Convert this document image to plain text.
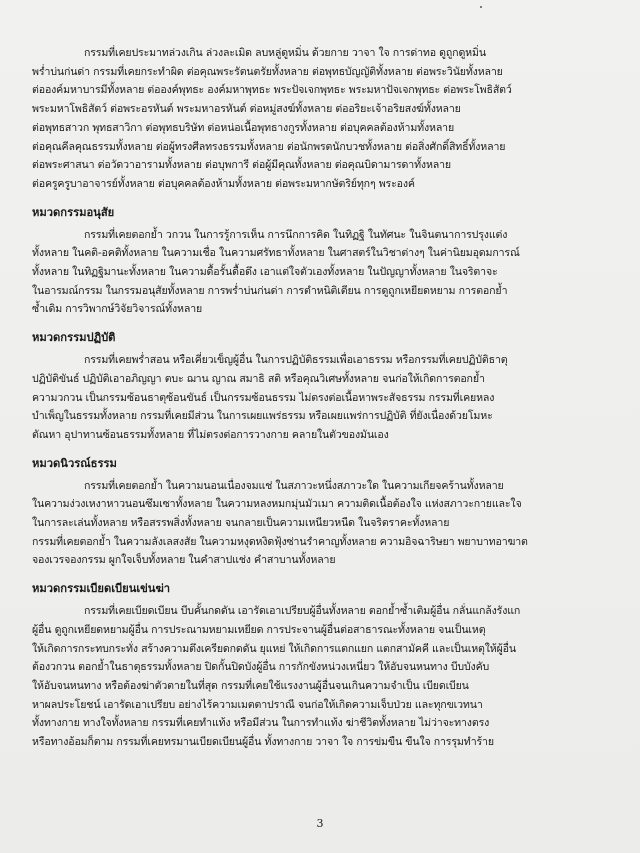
กรรมที่เคยประมาทล่วงเกิน ล่วงละเมิด ลบหลู่ดูหมิ่น ด้วยกาย วาจา ใจ การด่าทอ ดูถูกดูหมิ่น
พร่ำบ่นก่นด่า กรรมที่เคยกระทำผิด ต่อคุณพระรัตนตรัยทั้งหลาย ต่อพุทธบัญญัติทั้งหลาย ต่อพระวินัยทั้งหลาย
ต่อองค์มหาบารมีทั้งหลาย ต่อองค์พุทธะ องค์มหาพุทธะ พระปัจเจกพุทธะ พระมหาปัจเจกพุทธะ ต่อพระโพธิสัตว์
พระมหาโพธิสัตว์ ต่อพระอรหันต์ พระมหาอรหันต์ ต่อหมู่สงฆ์ทั้งหลาย ต่ออริยะเจ้าอริยสงฆ์ทั้งหลาย
ต่อพุทธสาวก พุทธสาวิกา ต่อพุทธบริษัท ต่อหน่อเนื้อพุทธางกูรทั้งหลาย ต่อบุคคลต้องห้ามทั้งหลาย
ต่อคุณคีลคุณธรรมทั้งหลาย ต่อผู้ทรงศีลทรงธรรมทั้งหลาย ต่อนักพรตนักบวชทั้งหลาย ต่อสิ่งศักดิ์สิทธิ์ทั้งหลาย
ต่อพระศาสนา ต่อวัดวาอารามทั้งหลาย ต่อบุพการี ต่อผู้มีคุณทั้งหลาย ต่อคุณบิดามารดาทั้งหลาย
ต่อครูครูบาอาจารย์ทั้งหลาย ต่อบุคคลต้องห้ามทั้งหลาย ต่อพระมหากษัตริย์ทุกๆ พระองค์
หมวดกรรมอนุสัย
กรรมที่เคยตอกย้ำ วกวน ในการรู้การเห็น การนึกการคิด ในทิฏฐิ ในทัศนะ ในจินตนาการปรุงแต่ง
ทั้งหลาย ในคติ-อคติทั้งหลาย ในความเชื่อ ในความศรัทธาทั้งหลาย ในศาสตร์ในวิชาต่างๆ ในค่านิยมอุดมการณ์
ทั้งหลาย ในทิฏฐิมานะทั้งหลาย ในความดื้อรั้นดื้อดึง เอาแต่ใจตัวเองทั้งหลาย ในปัญญาทั้งหลาย ในจริตาจะ
ในอารมณ์กรรม ในกรรมอนุสัยทั้งหลาย การพร่ำบ่นก่นด่า การตำหนิติเตียน การดูถูกเหยียดหยาม การตอกย้ำ
ซ้ำเดิม การวิพากษ์วิจัยวิจารณ์ทั้งหลาย
หมวดกรรมปฏิบัติ
กรรมที่เคยพร่ำสอน หรือเคี่ยวเข็ญผู้อื่น ในการปฏิบัติธรรมเพื่อเอาธรรม หรือกรรมที่เคยปฏิบัติธาตุ
ปฏิบัติขันธ์ ปฏิบัติเอาอภิญญา ตบะ ฌาน ญาณ สมาธิ สติ หรือคุณวิเศษทั้งหลาย จนก่อให้เกิดการตอกย้ำ
ความวกวน เป็นกรรมซ้อนธาตุซ้อนขันธ์ เป็นกรรมซ้อนธรรม ไม่ตรงต่อเนื้อหาพระสัจธรรม กรรมที่เคยหลง
บำเพ็ญในธรรมทั้งหลาย กรรมที่เคยมีส่วน ในการเผยแพร่ธรรม หรือเผยแพร่การปฏิบัติ ที่ยังเนื่องด้วยโมหะ
ตัณหา อุปาทานซ้อนธรรมทั้งหลาย ที่ไม่ตรงต่อการวางกาย คลายในตัวของมันเอง
หมวดนิวรณ์ธรรม
กรรมที่เคยตอกย้ำ ในความนอนเนื่องจมแช่ ในสภาวะหนึ่งสภาวะใด ในความเกียจคร้านทั้งหลาย
ในความง่วงเหงาหาวนอนซึมเซาทั้งหลาย ในความหลงหมกมุ่นมัวเมา ความติดเนื้อต้องใจ แห่งสภาวะกายและใจ
ในการละเล่นทั้งหลาย หรือสรรพสิ่งทั้งหลาย จนกลายเป็นความเหนียวหนืด ในจริตราคะทั้งหลาย
กรรมที่เคยตอกย้ำ ในความลังเลสงสัย ในความหงุดหงิดฟุ้งซ่านรำคาญทั้งหลาย ความอิจฉาริษยา พยาบาทอาฆาต
จองเวรจองกรรม ผูกใจเจ็บทั้งหลาย ในคำสาปแช่ง คำสาบานทั้งหลาย
หมวดกรรมเบียดเบียนเข่นฆ่า
กรรมที่เคยเบียดเบียน บีบคั้นกดดัน เอารัดเอาเปรียบผู้อื่นทั้งหลาย ตอกย้ำซ้ำเติมผู้อื่น กลั่นแกล้งรังแก
ผู้อื่น ดูถูกเหยียดหยามผู้อื่น การประณามหยามเหยียด การประจานผู้อื่นต่อสาธารณะทั้งหลาย จนเป็นเหตุ
ให้เกิดการกระทบกระทั่ง สร้างความตึงเครียดกดดัน ยุแหย่ ให้เกิดการแตกแยก แตกสามัคคี และเป็นเหตุให้ผู้อื่น
ต้องวกวน ตอกย้ำในธาตุธรรมทั้งหลาย ปิดกั้นปิดบังผู้อื่น การกักขังหน่วงเหนี่ยว ให้อับจนหนทาง บีบบังคับ
ให้อับจนหนทาง หรือต้องฆ่าตัวตายในที่สุด กรรมที่เคยใช้แรงงานผู้อื่นจนเกินความจำเป็น เบียดเบียน
หาผลประโยชน์ เอารัดเอาเปรียบ อย่างไร้ความเมตตาปราณี จนก่อให้เกิดความเจ็บป่วย และทุกขเวทนา
ทั้งทางกาย ทางใจทั้งหลาย กรรมที่เคยทำแท้ง หรือมีส่วน ในการทำแท้ง ฆ่าชีวิตทั้งหลาย ไม่ว่าจะทางตรง
หรือทางอ้อมก็ตาม กรรมที่เคยทรมานเบียดเบียนผู้อื่น ทั้งทางกาย วาจา ใจ การข่มขืน ขืนใจ การรุมทำร้าย
3
